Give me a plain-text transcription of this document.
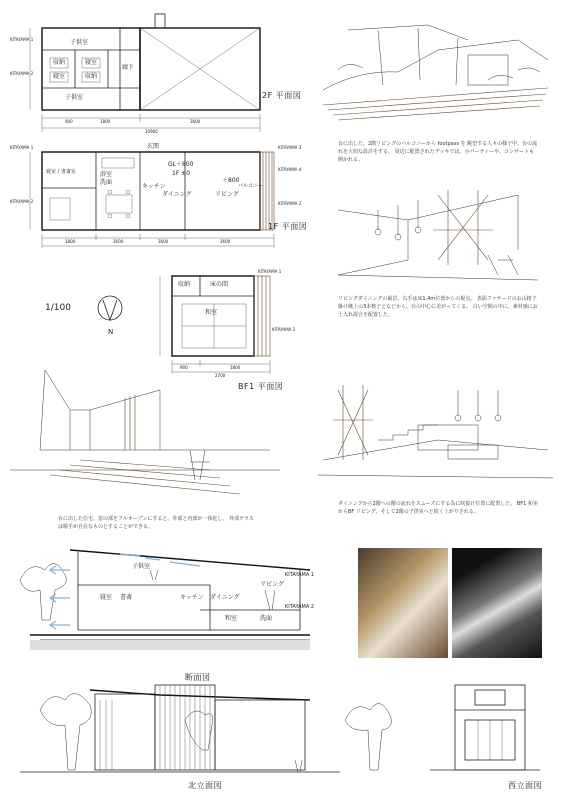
子供室
収納	寝室
寝室	収納
廊下
子供室
KITAYAMA 1
KITAYAMA 2
900	1800	3600
10900
2F 平面図
玄関
GL＋800
1F ±0
キッチン
ダイニング
＋800
リビング
バルコニー
寝室 / 書斎室	浴室
洗面
KITAYAMA 1
KITAYAMA 2
KITAYAMA 3
KITAYAMA 4
KITAYAMA 2
1800	3600	3600	3600
1F 平面図
収納	床の間
和室
KITAYAMA 1
KITAYAMA 2
900	1800
2700
BF1 平面図
1/100
N
台に出した、2階リビングのバルコニーから footpass を 眺望する人々の様子中。台の流れを大切な設計をする。 周辺に配置されたデッキでは、小パーティーや、コンサートも開かれる。
リビングダイニングの風景。右手は床1.4m位置からの視点。 表面ファサードのお山格子 掛け縄上の3本格子となどから。台の中心に差がってくる。 白い空間の中に、素材感にお土入れ混合を配置した。
台に出した住宅、窓の部をフルオープンにすると、外部と内部が一体化し、 外部テラスは勝手が自在なものとすることができる。
ダイニングから2階への階の流れをスムーズにする為に吹抜け位置に配置した。 BF1 和室からBF リビング、そして2階の子供室へと続く上がりされる。
子供室
寝室 書斎	キッチン ダイニング
リビング
和室	洗面
KITAYAMA 1
KITAYAMA 2
断面図
北立面図	西立面図
